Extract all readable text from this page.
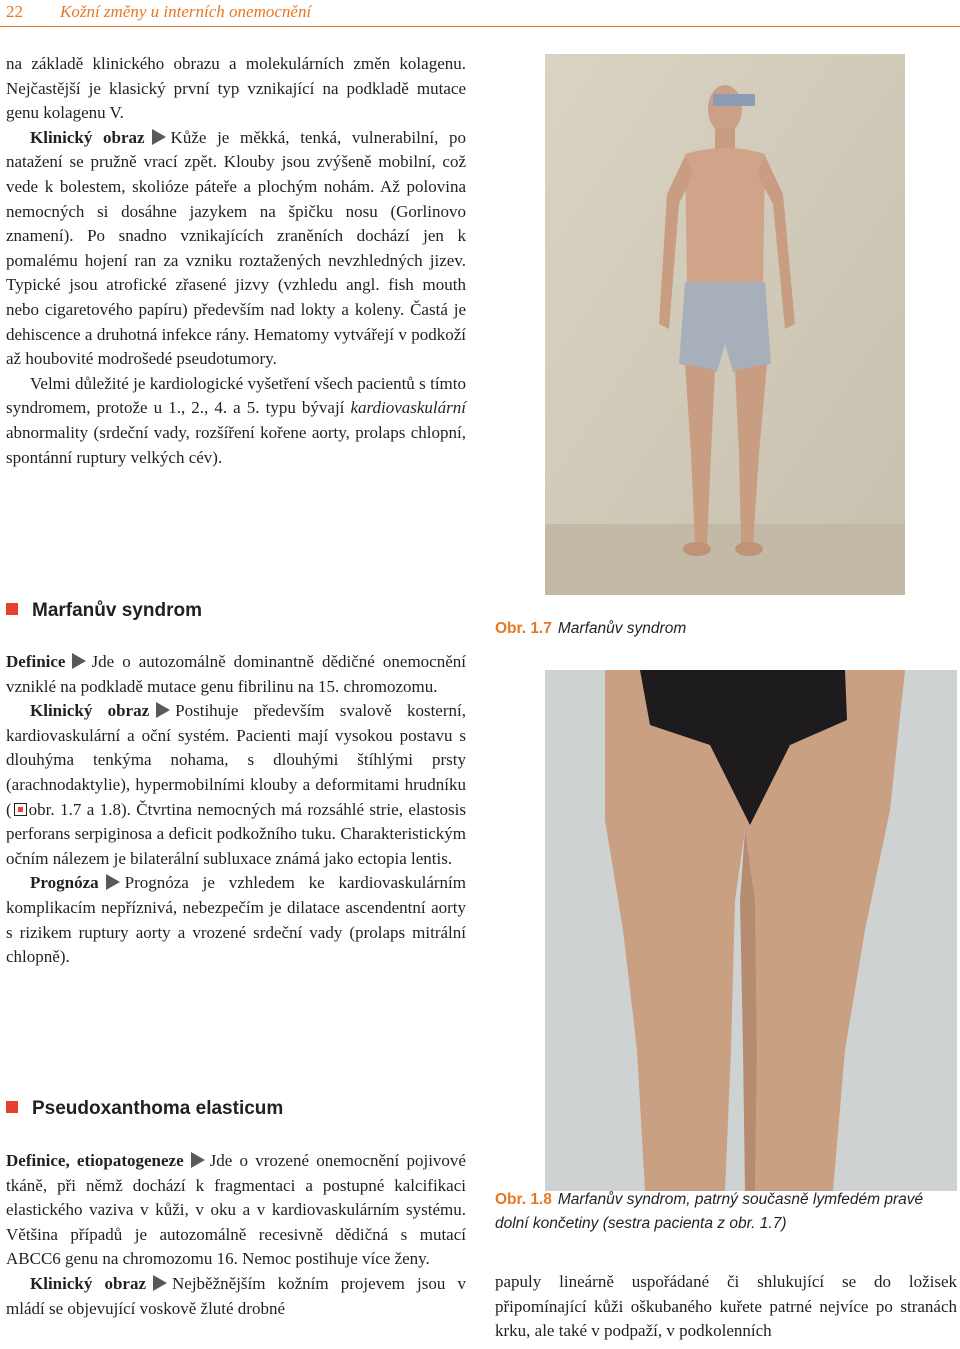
22 Kožní změny u interních onemocnění

na základě klinického obrazu a molekulárních změn kolagenu. Nejčastější je klasický první typ vznikající na podkladě mutace genu kolagenu V.

Klinický obraz Kůže je měkká, tenká, vulnerabilní, po natažení se pružně vrací zpět. Klouby jsou zvýšeně mobilní, což vede k bolestem, skolióze páteře a plochým nohám. Až polovina nemocných si dosáhne jazykem na špičku nosu (Gorlinovo znamení). Po snadno vznikajících zraněních dochází jen k pomalému hojení ran za vzniku roztažených nevzhledných jizev. Typické jsou atrofické zřasené jizvy (vzhledu angl. fish mouth nebo cigaretového papíru) především nad lokty a koleny. Častá je dehiscence a druhotná infekce rány. Hematomy vytvářejí v podkoží až houbovité modrošedé pseudotumory.

Velmi důležité je kardiologické vyšetření všech pacientů s tímto syndromem, protože u 1., 2., 4. a 5. typu bývají kardiovaskulární abnormality (srdeční vady, rozšíření kořene aorty, prolaps chlopní, spontánní ruptury velkých cév).

Marfanův syndrom

Definice Jde o autozomálně dominantně dědičné onemocnění vzniklé na podkladě mutace genu fibrilinu na 15. chromozomu.

Klinický obraz Postihuje především svalově kosterní, kardiovaskulární a oční systém. Pacienti mají vysokou postavu s dlouhýma tenkýma nohama, s dlouhými štíhlými prsty (arachnodaktylie), hypermobilními klouby a deformitami hrudníku ( obr. 1.7 a 1.8). Čtvrtina nemocných má rozsáhlé strie, elastosis perforans serpiginosa a deficit podkožního tuku. Charakteristickým očním nálezem je bilaterální subluxace známá jako ectopia lentis.

Prognóza Prognóza je vzhledem ke kardiovaskulárním komplikacím nepříznivá, nebezpečím je dilatace ascendentní aorty s rizikem ruptury aorty a vrozené srdeční vady (prolaps mitrální chlopně).

Pseudoxanthoma elasticum

Definice, etiopatogeneze Jde o vrozené onemocnění pojivové tkáně, při němž dochází k fragmentaci a postupné kalcifikaci elastického vaziva v kůži, v oku a v kardiovaskulárním systému. Většina případů je autozomálně recesivně dědičná s mutací ABCC6 genu na chromozomu 16. Nemoc postihuje více ženy.

Klinický obraz Nejběžnějším kožním projevem jsou v mládí se objevující voskově žluté drobné

Obr. 1.7 Marfanův syndrom
Obr. 1.8 Marfanův syndrom, patrný současně lymfedém pravé dolní končetiny (sestra pacienta z obr. 1.7)

papuly lineárně uspořádané či shlukující se do ložisek připomínající kůži oškubaného kuřete patrné nejvíce po stranách krku, ale také v podpaží, v podkolenních
